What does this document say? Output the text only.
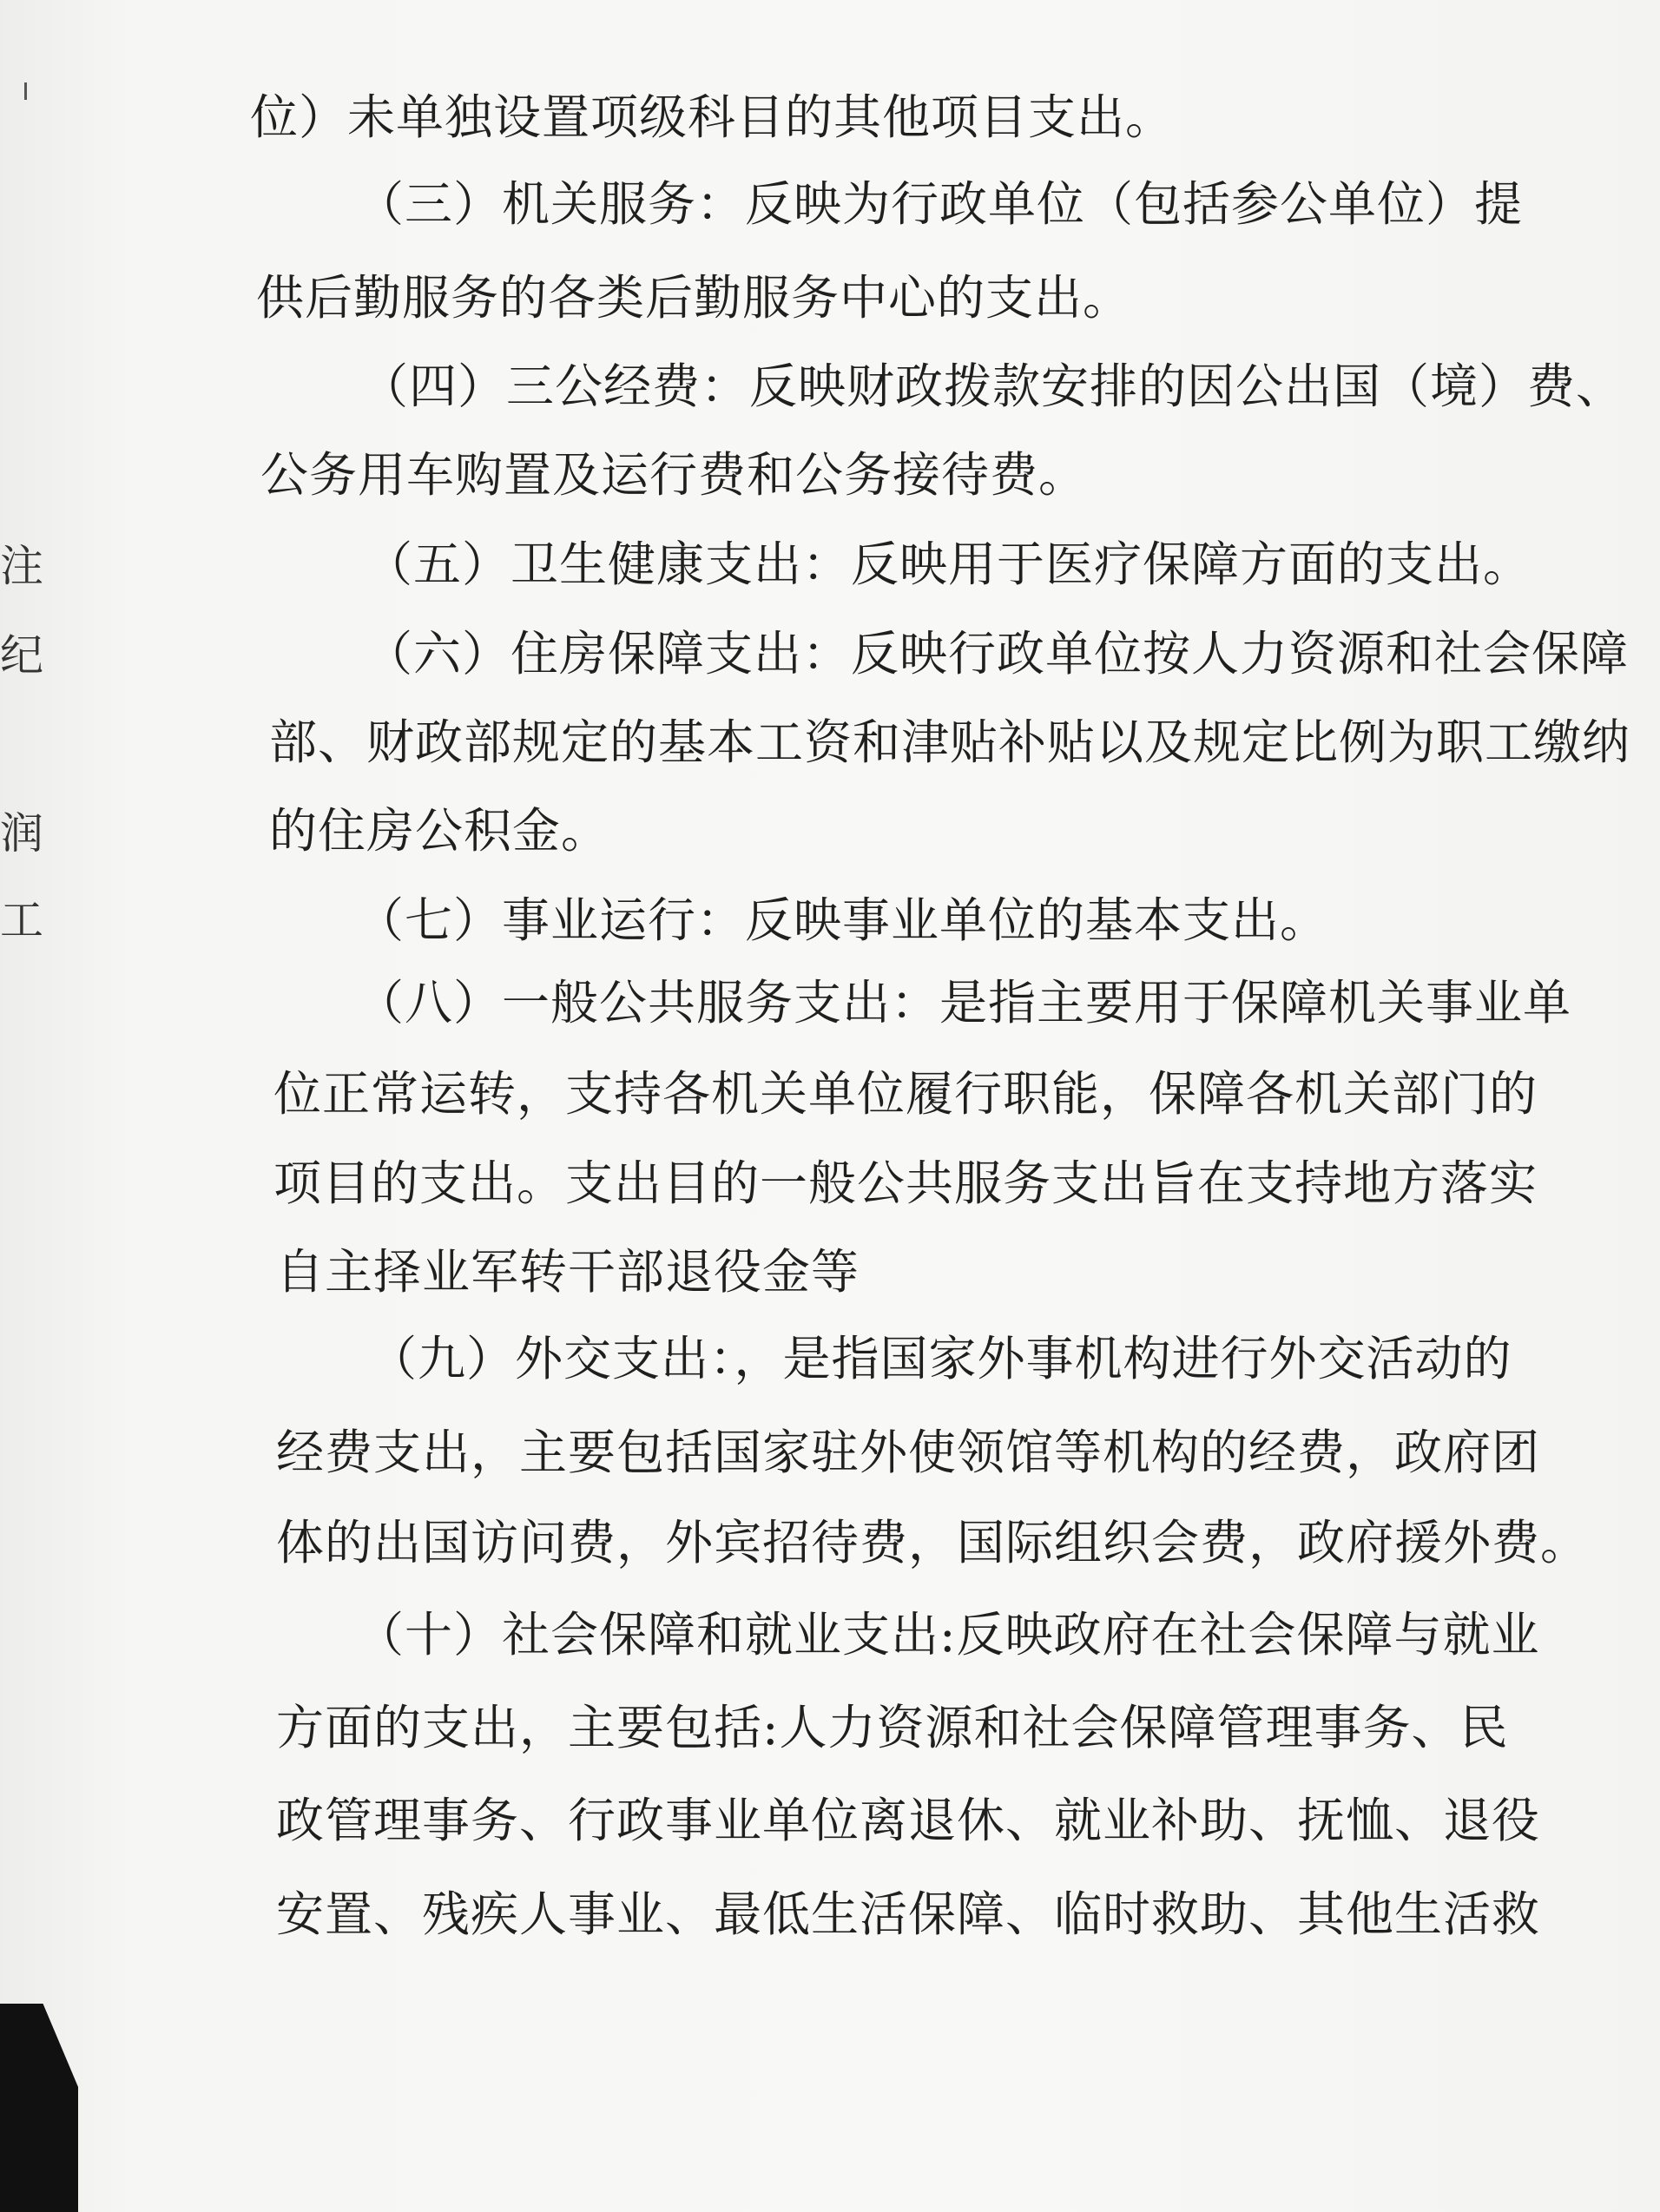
注
纪
润
工
位）未单独设置项级科目的其他项目支出。
（三）机关服务：反映为行政单位（包括参公单位）提
供后勤服务的各类后勤服务中心的支出。
（四）三公经费：反映财政拨款安排的因公出国（境）费、
公务用车购置及运行费和公务接待费。
（五）卫生健康支出：反映用于医疗保障方面的支出。
（六）住房保障支出：反映行政单位按人力资源和社会保障
部、财政部规定的基本工资和津贴补贴以及规定比例为职工缴纳
的住房公积金。
（七）事业运行：反映事业单位的基本支出。
（八）一般公共服务支出：是指主要用于保障机关事业单
位正常运转，支持各机关单位履行职能，保障各机关部门的
项目的支出。支出目的一般公共服务支出旨在支持地方落实
自主择业军转干部退役金等
（九）外交支出：，是指国家外事机构进行外交活动的
经费支出，主要包括国家驻外使领馆等机构的经费，政府团
体的出国访问费，外宾招待费，国际组织会费，政府援外费。
（十）社会保障和就业支出:反映政府在社会保障与就业
方面的支出，主要包括:人力资源和社会保障管理事务、民
政管理事务、行政事业单位离退休、就业补助、抚恤、退役
安置、残疾人事业、最低生活保障、临时救助、其他生活救
